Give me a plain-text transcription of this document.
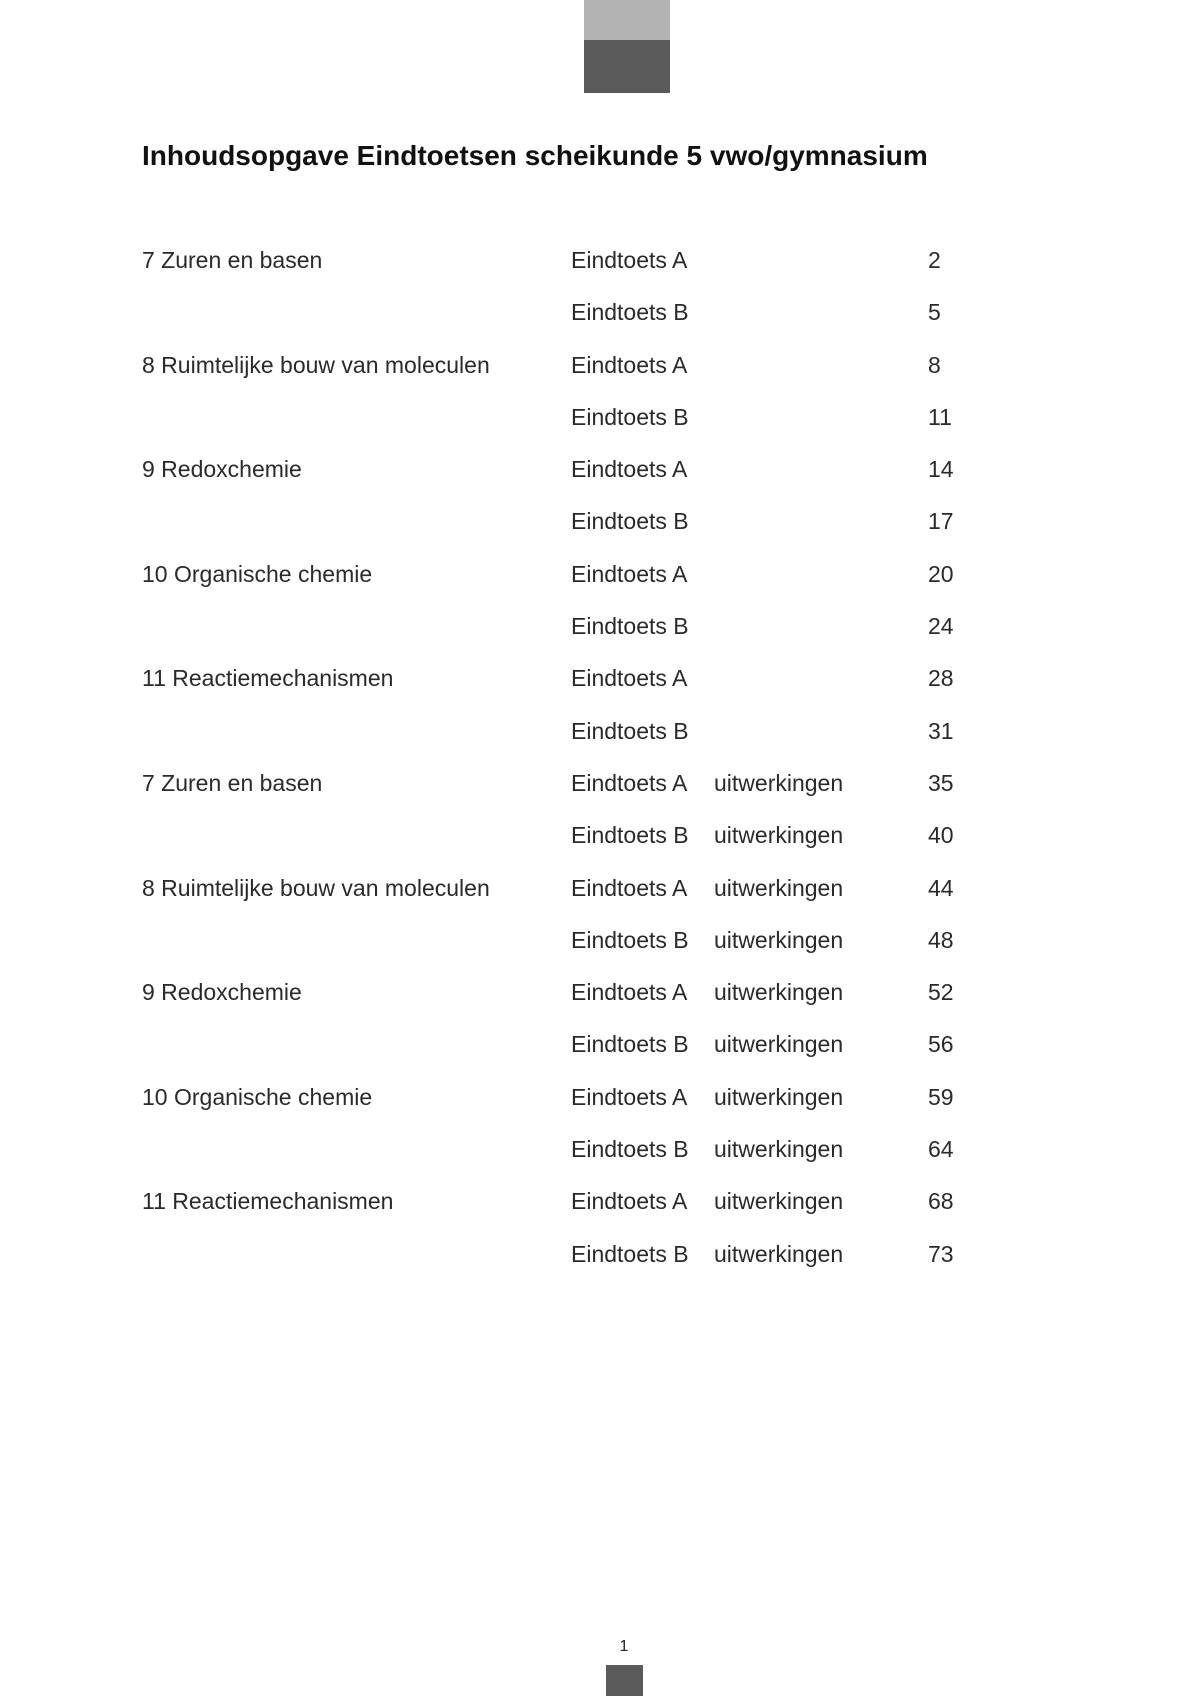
Inhoudsopgave Eindtoetsen scheikunde 5 vwo/gymnasium
7 Zuren en basen	Eindtoets A	2
Eindtoets B	5
8 Ruimtelijke bouw van moleculen	Eindtoets A	8
Eindtoets B	11
9 Redoxchemie	Eindtoets A	14
Eindtoets B	17
10 Organische chemie	Eindtoets A	20
Eindtoets B	24
11 Reactiemechanismen	Eindtoets A	28
Eindtoets B	31
7 Zuren en basen	Eindtoets A uitwerkingen	35
Eindtoets B uitwerkingen	40
8 Ruimtelijke bouw van moleculen	Eindtoets A uitwerkingen	44
Eindtoets B uitwerkingen	48
9 Redoxchemie	Eindtoets A uitwerkingen	52
Eindtoets B uitwerkingen	56
10 Organische chemie	Eindtoets A uitwerkingen	59
Eindtoets B uitwerkingen	64
11 Reactiemechanismen	Eindtoets A uitwerkingen	68
Eindtoets B uitwerkingen	73
1
